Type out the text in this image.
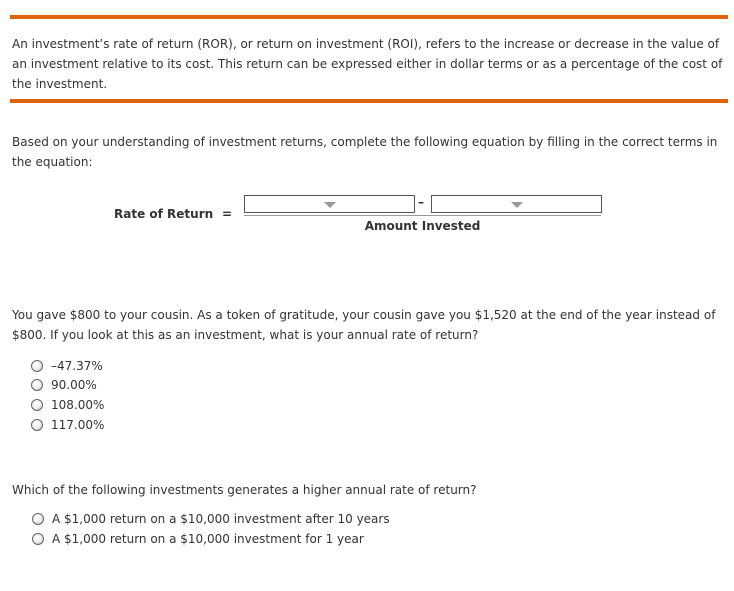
An investment’s rate of return (ROR), or return on investment (ROI), refers to the increase or decrease in the value of an investment relative to its cost. This return can be expressed either in dollar terms or as a percentage of the cost of the investment.

Based on your understanding of investment returns, complete the following equation by filling in the correct terms in the equation:

Rate of Return =
–
Amount Invested

You gave $800 to your cousin. As a token of gratitude, your cousin gave you $1,520 at the end of the year instead of $800. If you look at this as an investment, what is your annual rate of return?

–47.37%
90.00%
108.00%
117.00%

Which of the following investments generates a higher annual rate of return?

A $1,000 return on a $10,000 investment after 10 years
A $1,000 return on a $10,000 investment for 1 year
